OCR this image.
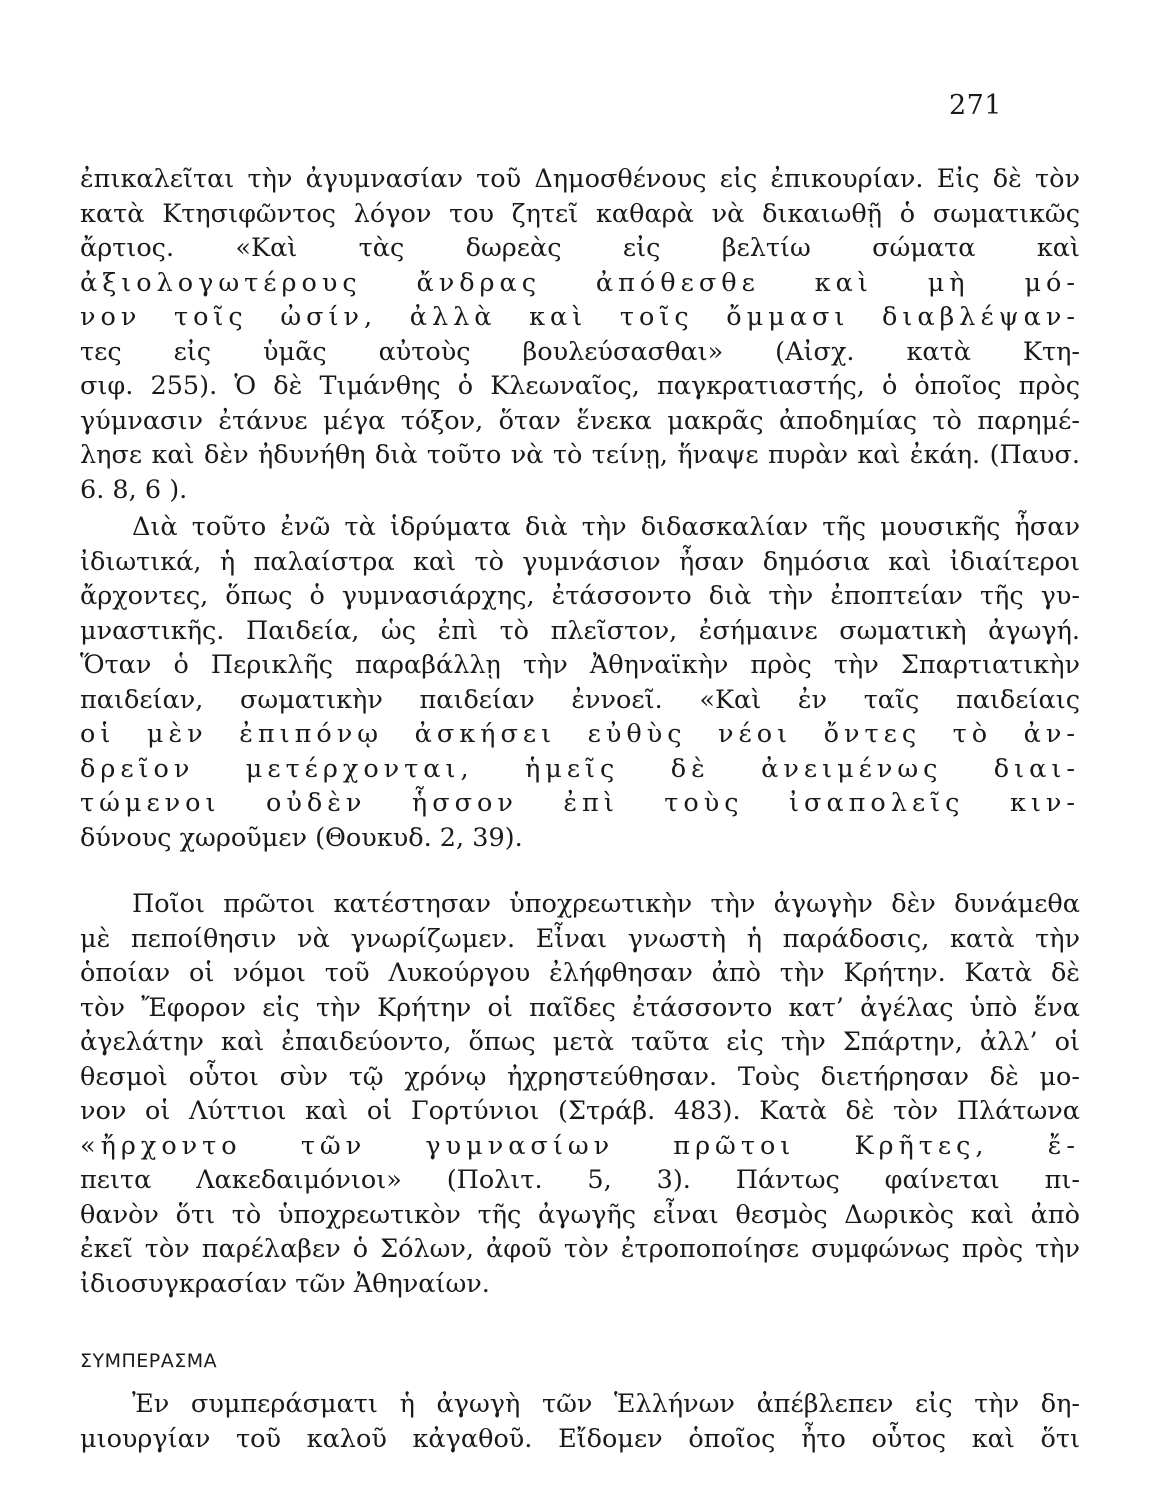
271
ἐπικαλεῖται τὴν ἀγυμνασίαν τοῦ Δημοσθένους εἰς ἐπικουρίαν. Εἰς δὲ τὸν
κατὰ Κτησιφῶντος λόγον του ζητεῖ καθαρὰ νὰ δικαιωθῇ ὁ σωματικῶς
ἄρτιος. «Καὶ τὰς δωρεὰς εἰς βελτίω σώματα καὶ
ἀξιολογωτέρους ἄνδρας ἀπόθεσθε καὶ μὴ μό-
νον τοῖς ὠσίν, ἀλλὰ καὶ τοῖς ὄμμασι διαβλέψαν-
τες εἰς ὑμᾶς αὐτοὺς βουλεύσασθαι» (Αἰσχ. κατὰ Κτη-
σιφ. 255). Ὁ δὲ Τιμάνθης ὁ Κλεωναῖος, παγκρατιαστής, ὁ ὁποῖος πρὸς
γύμνασιν ἐτάνυε μέγα τόξον, ὅταν ἕνεκα μακρᾶς ἀποδημίας τὸ παρημέ-
λησε καὶ δὲν ἠδυνήθη διὰ τοῦτο νὰ τὸ τείνῃ, ἥναψε πυρὰν καὶ ἐκάη. (Παυσ.
6. 8, 6 ).
Διὰ τοῦτο ἐνῶ τὰ ἱδρύματα διὰ τὴν διδασκαλίαν τῆς μουσικῆς ἦσαν
ἰδιωτικά, ἡ παλαίστρα καὶ τὸ γυμνάσιον ἦσαν δημόσια καὶ ἰδιαίτεροι
ἄρχοντες, ὅπως ὁ γυμνασιάρχης, ἐτάσσοντο διὰ τὴν ἐποπτείαν τῆς γυ-
μναστικῆς. Παιδεία, ὡς ἐπὶ τὸ πλεῖστον, ἐσήμαινε σωματικὴ ἀγωγή.
Ὅταν ὁ Περικλῆς παραβάλλῃ τὴν Ἀθηναϊκὴν πρὸς τὴν Σπαρτιατικὴν
παιδείαν, σωματικὴν παιδείαν ἐννοεῖ. «Καὶ ἐν ταῖς παιδείαις
οἱ μὲν ἐπιπόνῳ ἀσκήσει εὐθὺς νέοι ὄντες τὸ ἀν-
δρεῖον μετέρχονται, ἡμεῖς δὲ ἀνειμένως διαι-
τώμενοι οὐδὲν ἧσσον ἐπὶ τοὺς ἰσαπολεῖς κιν-
δύνους χωροῦμεν (Θουκυδ. 2, 39).
Ποῖοι πρῶτοι κατέστησαν ὑποχρεωτικὴν τὴν ἀγωγὴν δὲν δυνάμεθα
μὲ πεποίθησιν νὰ γνωρίζωμεν. Εἶναι γνωστὴ ἡ παράδοσις, κατὰ τὴν
ὁποίαν οἱ νόμοι τοῦ Λυκούργου ἐλήφθησαν ἀπὸ τὴν Κρήτην. Κατὰ δὲ
τὸν Ἔφορον εἰς τὴν Κρήτην οἱ παῖδες ἐτάσσοντο κατ’ ἀγέλας ὑπὸ ἕνα
ἀγελάτην καὶ ἐπαιδεύοντο, ὅπως μετὰ ταῦτα εἰς τὴν Σπάρτην, ἀλλ’ οἱ
θεσμοὶ οὗτοι σὺν τῷ χρόνῳ ἠχρηστεύθησαν. Τοὺς διετήρησαν δὲ μο-
νον οἱ Λύττιοι καὶ οἱ Γορτύνιοι (Στράβ. 483). Κατὰ δὲ τὸν Πλάτωνα
«ἤρχοντο τῶν γυμνασίων πρῶτοι Κρῆτες, ἔ-
πειτα Λακεδαιμόνιοι» (Πολιτ. 5, 3). Πάντως φαίνεται πι-
θανὸν ὅτι τὸ ὑποχρεωτικὸν τῆς ἀγωγῆς εἶναι θεσμὸς Δωρικὸς καὶ ἀπὸ
ἐκεῖ τὸν παρέλαβεν ὁ Σόλων, ἀφοῦ τὸν ἐτροποποίησε συμφώνως πρὸς τὴν
ἰδιοσυγκρασίαν τῶν Ἀθηναίων.
ΣΥΜΠΕΡΑΣΜΑ
Ἐν συμπεράσματι ἡ ἀγωγὴ τῶν Ἑλλήνων ἀπέβλεπεν εἰς τὴν δη-
μιουργίαν τοῦ καλοῦ κἀγαθοῦ. Εἴδομεν ὁποῖος ἦτο οὗτος καὶ ὅτι
